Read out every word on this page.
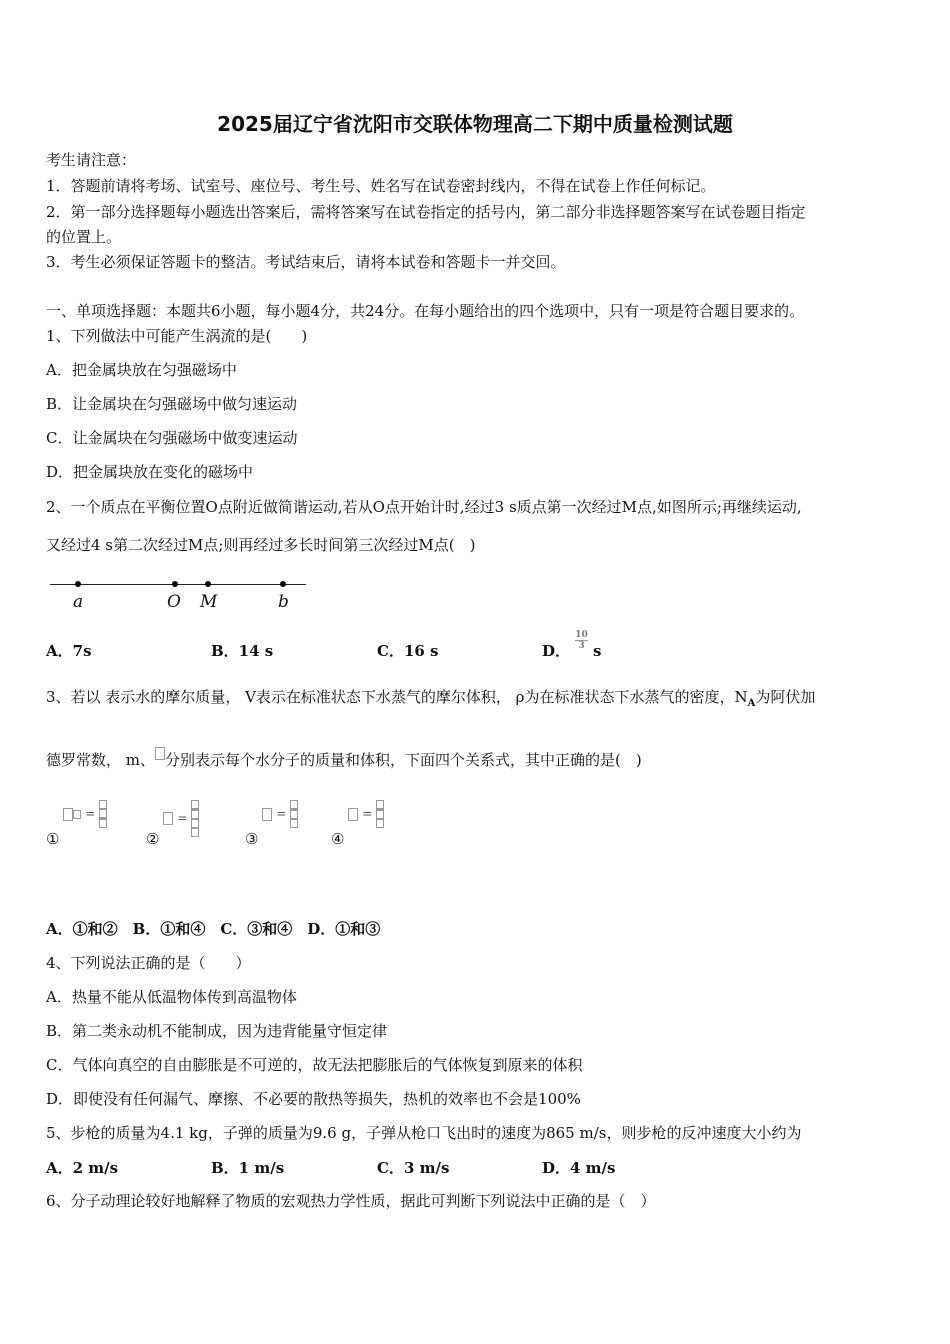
2025届辽宁省沈阳市交联体物理高二下期中质量检测试题
考生请注意：
1．答题前请将考场、试室号、座位号、考生号、姓名写在试卷密封线内，不得在试卷上作任何标记。
2．第一部分选择题每小题选出答案后，需将答案写在试卷指定的括号内，第二部分非选择题答案写在试卷题目指定
的位置上。
3．考生必须保证答题卡的整洁。考试结束后，请将本试卷和答题卡一并交回。
一、单项选择题：本题共6小题，每小题4分，共24分。在每小题给出的四个选项中，只有一项是符合题目要求的。
1、下列做法中可能产生涡流的是(　　)
A．把金属块放在匀强磁场中
B．让金属块在匀强磁场中做匀速运动
C．让金属块在匀强磁场中做变速运动
D．把金属块放在变化的磁场中
2、一个质点在平衡位置O点附近做简谐运动,若从O点开始计时,经过3 s质点第一次经过M点,如图所示;再继续运动,
又经过4 s第二次经过M点;则再经过多长时间第三次经过M点(　)
a	O M	b
A．7s	B．14 s	C．16 s	D．
$\frac{10}{3}$
s
3、若以 表示水的摩尔质量， V表示在标准状态下水蒸气的摩尔体积， ρ为在标准状态下水蒸气的密度，$N_A$为阿伏加
德罗常数， m、 分别表示每个水分子的质量和体积，下面四个关系式，其中正确的是(　)
① =
② =
③ =
④ =
A．①和②　B．①和④　C．③和④　D．①和③
4、下列说法正确的是（　　）
A．热量不能从低温物体传到高温物体
B．第二类永动机不能制成，因为违背能量守恒定律
C．气体向真空的自由膨胀是不可逆的，故无法把膨胀后的气体恢复到原来的体积
D．即使没有任何漏气、摩擦、不必要的散热等损失，热机的效率也不会是100%
5、步枪的质量为4.1 kg，子弹的质量为9.6 g，子弹从枪口飞出时的速度为865 m/s，则步枪的反冲速度大小约为
A．2 m/s	B．1 m/s	C．3 m/s	D．4 m/s
6、分子动理论较好地解释了物质的宏观热力学性质，据此可判断下列说法中正确的是（　）
